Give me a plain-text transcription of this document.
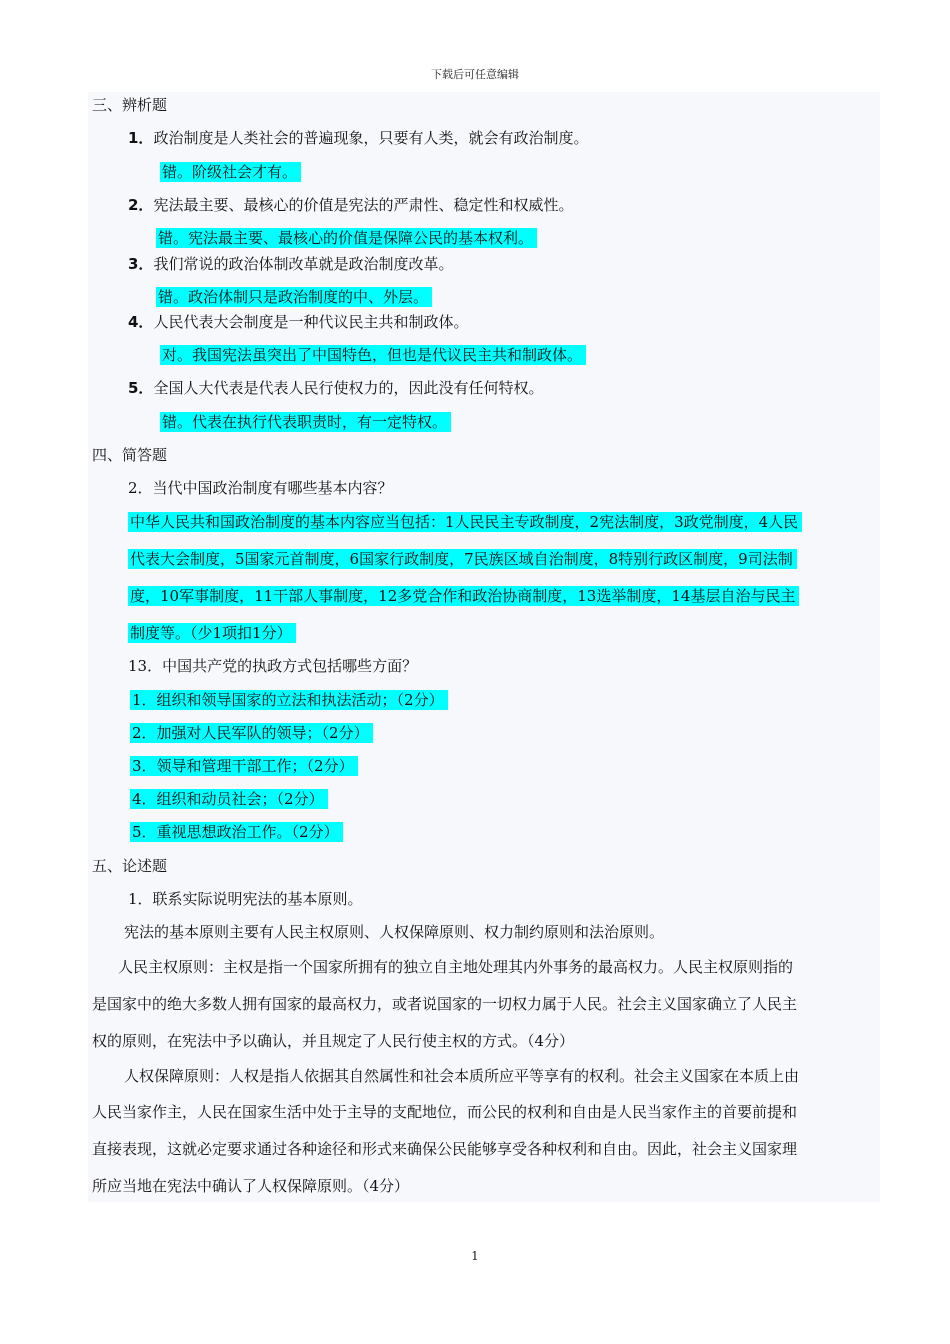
下载后可任意编辑
三、辨析题
1．政治制度是人类社会的普遍现象，只要有人类，就会有政治制度。
错。阶级社会才有。
2．宪法最主要、最核心的价值是宪法的严肃性、稳定性和权威性。
错。宪法最主要、最核心的价值是保障公民的基本权利。
3．我们常说的政治体制改革就是政治制度改革。
错。政治体制只是政治制度的中、外层。
4．人民代表大会制度是一种代议民主共和制政体。
对。我国宪法虽突出了中国特色，但也是代议民主共和制政体。
5．全国人大代表是代表人民行使权力的，因此没有任何特权。
错。代表在执行代表职责时，有一定特权。
四、简答题
2．当代中国政治制度有哪些基本内容？
中华人民共和国政治制度的基本内容应当包括：1人民民主专政制度，2宪法制度，3政党制度，4人民
代表大会制度，5国家元首制度，6国家行政制度，7民族区域自治制度，8特别行政区制度，9司法制
度，10军事制度，11干部人事制度，12多党合作和政治协商制度，13选举制度，14基层自治与民主
制度等。（少1项扣1分）
13．中国共产党的执政方式包括哪些方面？
1．组织和领导国家的立法和执法活动；（2分）
2．加强对人民军队的领导；（2分）
3．领导和管理干部工作；（2分）
4．组织和动员社会；（2分）
5．重视思想政治工作。（2分）
五、论述题
1．联系实际说明宪法的基本原则。
宪法的基本原则主要有人民主权原则、人权保障原则、权力制约原则和法治原则。
人民主权原则：主权是指一个国家所拥有的独立自主地处理其内外事务的最高权力。人民主权原则指的
是国家中的绝大多数人拥有国家的最高权力，或者说国家的一切权力属于人民。社会主义国家确立了人民主
权的原则，在宪法中予以确认，并且规定了人民行使主权的方式。（4分）
人权保障原则：人权是指人依据其自然属性和社会本质所应平等享有的权利。社会主义国家在本质上由
人民当家作主，人民在国家生活中处于主导的支配地位，而公民的权利和自由是人民当家作主的首要前提和
直接表现，这就必定要求通过各种途径和形式来确保公民能够享受各种权利和自由。因此，社会主义国家理
所应当地在宪法中确认了人权保障原则。（4分）
1
